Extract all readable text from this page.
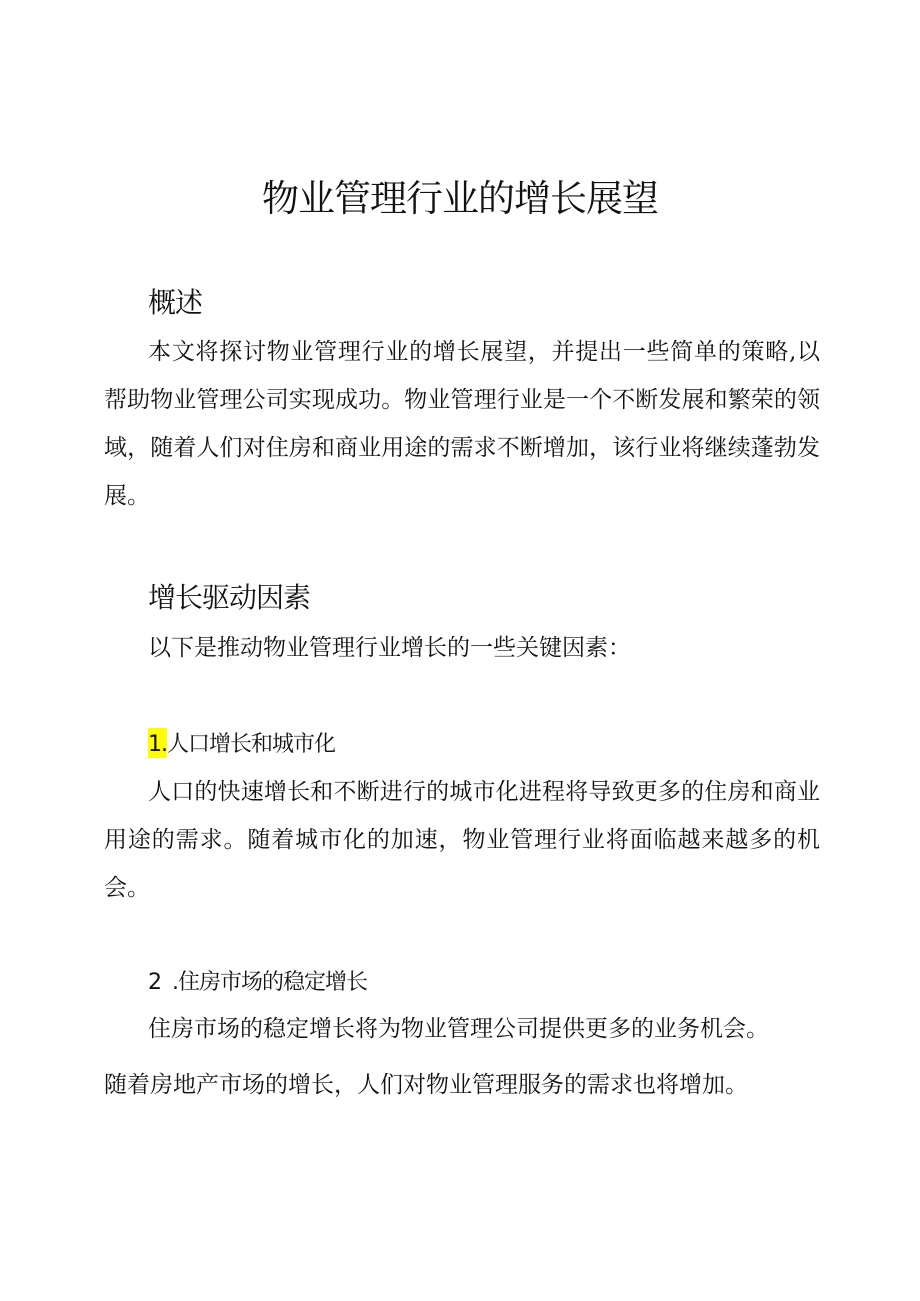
物业管理行业的增长展望
概述

本文将探讨物业管理行业的增长展望，并提出一些简单的策略,以帮助物业管理公司实现成功。物业管理行业是一个不断发展和繁荣的领域，随着人们对住房和商业用途的需求不断增加，该行业将继续蓬勃发展。

增长驱动因素

以下是推动物业管理行业增长的一些关键因素：

1.人口增长和城市化

人口的快速增长和不断进行的城市化进程将导致更多的住房和商业用途的需求。随着城市化的加速，物业管理行业将面临越来越多的机会。

2 .住房市场的稳定增长

住房市场的稳定增长将为物业管理公司提供更多的业务机会。

随着房地产市场的增长，人们对物业管理服务的需求也将增加。
